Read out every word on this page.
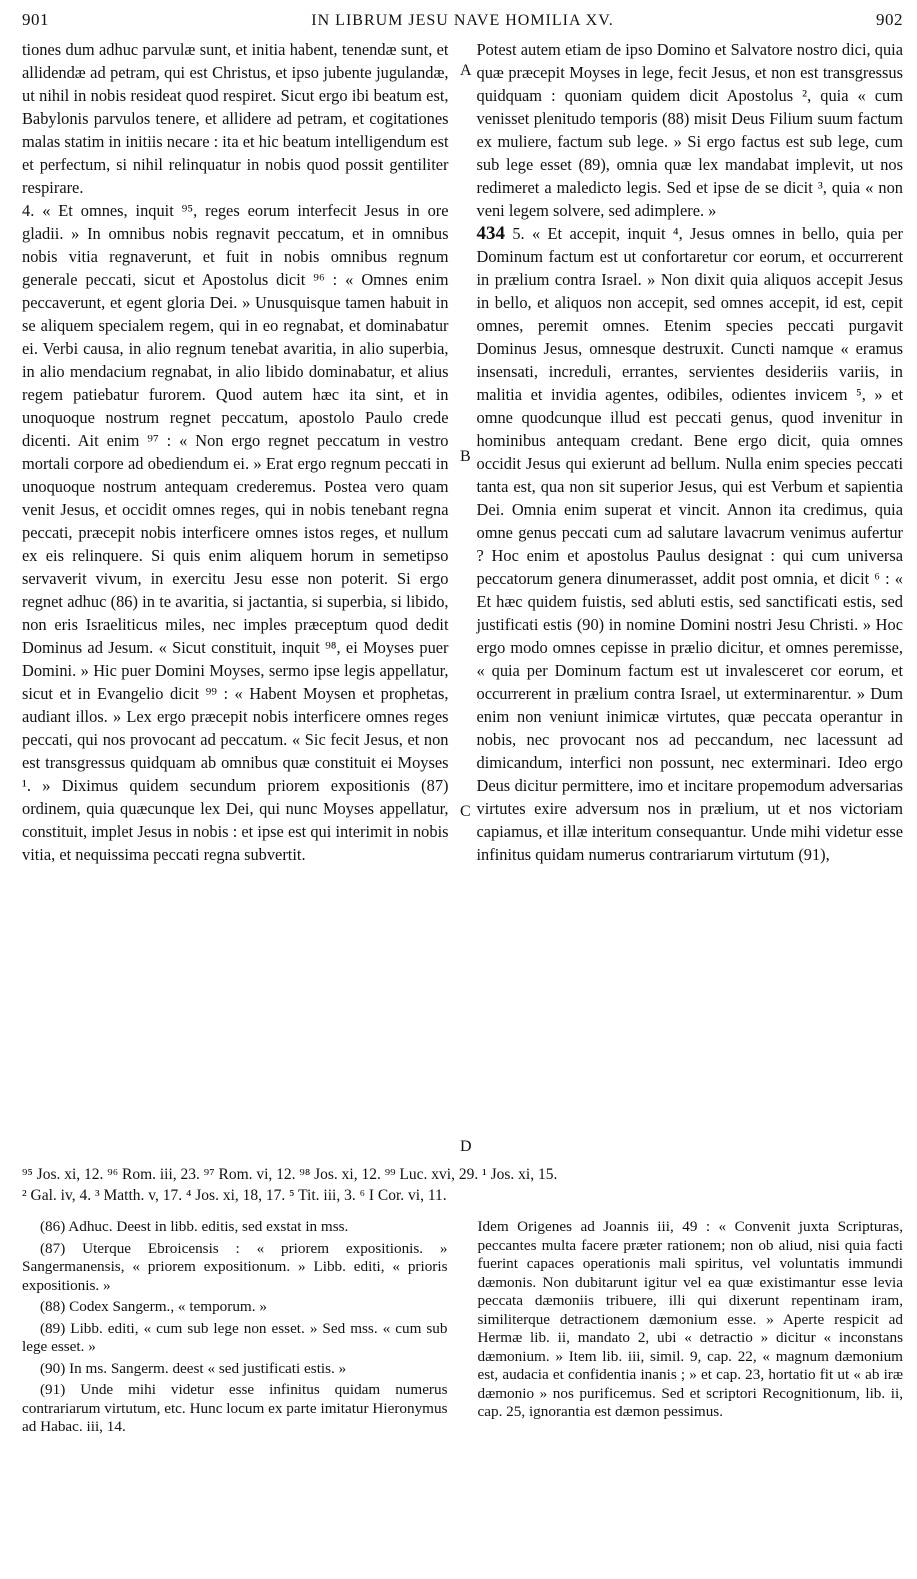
901	IN LIBRUM JESU NAVE HOMILIA XV.	902

tiones dum adhuc parvulæ sunt, et initia habent, tenendæ sunt, et allidendæ ad petram, qui est Christus, et ipso jubente jugulandæ, ut nihil in nobis resideat quod respiret. Sicut ergo ibi beatum est, Babylonis parvulos tenere, et allidere ad petram, et cogitationes malas statim in initiis necare : ita et hic beatum intelligendum est et perfectum, si nihil relinquatur in nobis quod possit gentiliter respirare.

4. « Et omnes, inquit ⁹⁵, reges eorum interfecit Jesus in ore gladii. » In omnibus nobis regnavit peccatum, et in omnibus nobis vitia regnaverunt, et fuit in nobis omnibus regnum generale peccati, sicut et Apostolus dicit ⁹⁶ : « Omnes enim peccaverunt, et egent gloria Dei. » Unusquisque tamen habuit in se aliquem specialem regem, qui in eo regnabat, et dominabatur ei. Verbi causa, in alio regnum tenebat avaritia, in alio superbia, in alio mendacium regnabat, in alio libido dominabatur, et alius regem patiebatur furorem. Quod autem hæc ita sint, et in unoquoque nostrum regnet peccatum, apostolo Paulo crede dicenti. Ait enim ⁹⁷ : « Non ergo regnet peccatum in vestro mortali corpore ad obediendum ei. » Erat ergo regnum peccati in unoquoque nostrum antequam crederemus. Postea vero quam venit Jesus, et occidit omnes reges, qui in nobis tenebant regna peccati, præcepit nobis interficere omnes istos reges, et nullum ex eis relinquere. Si quis enim aliquem horum in semetipso servaverit vivum, in exercitu Jesu esse non poterit. Si ergo regnet adhuc (86) in te avaritia, si jactantia, si superbia, si libido, non eris Israeliticus miles, nec imples præceptum quod dedit Dominus ad Jesum. « Sicut constituit, inquit ⁹⁸, ei Moyses puer Domini. » Hic puer Domini Moyses, sermo ipse legis appellatur, sicut et in Evangelio dicit ⁹⁹ : « Habent Moysen et prophetas, audiant illos. » Lex ergo præcepit nobis interficere omnes reges peccati, qui nos provocant ad peccatum. « Sic fecit Jesus, et non est transgressus quidquam ab omnibus quæ constituit ei Moyses ¹. » Diximus quidem secundum priorem expositionis (87) ordinem, quia quæcunque lex Dei, qui nunc Moyses appellatur, constituit, implet Jesus in nobis : et ipse est qui interimit in nobis vitia, et nequissima peccati regna subvertit.

Potest autem etiam de ipso Domino et Salvatore nostro dici, quia quæ præcepit Moyses in lege, fecit Jesus, et non est transgressus quidquam : quoniam quidem dicit Apostolus ², quia « cum venisset plenitudo temporis (88) misit Deus Filium suum factum ex muliere, factum sub lege. » Si ergo factus est sub lege, cum sub lege esset (89), omnia quæ lex mandabat implevit, ut nos redimeret a maledicto legis. Sed et ipse de se dicit ³, quia « non veni legem solvere, sed adimplere. »

434 5. « Et accepit, inquit ⁴, Jesus omnes in bello, quia per Dominum factum est ut confortaretur cor eorum, et occurrerent in prælium contra Israel. » Non dixit quia aliquos accepit Jesus in bello, et aliquos non accepit, sed omnes accepit, id est, cepit omnes, peremit omnes. Etenim species peccati purgavit Dominus Jesus, omnesque destruxit. Cuncti namque « eramus insensati, increduli, errantes, servientes desideriis variis, in malitia et invidia agentes, odibiles, odientes invicem ⁵, » et omne quodcunque illud est peccati genus, quod invenitur in hominibus antequam credant. Bene ergo dicit, quia omnes occidit Jesus qui exierunt ad bellum. Nulla enim species peccati tanta est, qua non sit superior Jesus, qui est Verbum et sapientia Dei. Omnia enim superat et vincit. Annon ita credimus, quia omne genus peccati cum ad salutare lavacrum venimus aufertur ? Hoc enim et apostolus Paulus designat : qui cum universa peccatorum genera dinumerasset, addit post omnia, et dicit ⁶ : « Et hæc quidem fuistis, sed abluti estis, sed sanctificati estis, sed justificati estis (90) in nomine Domini nostri Jesu Christi. » Hoc ergo modo omnes cepisse in prælio dicitur, et omnes peremisse, « quia per Dominum factum est ut invalesceret cor eorum, et occurrerent in prælium contra Israel, ut exterminarentur. » Dum enim non veniunt inimicæ virtutes, quæ peccata operantur in nobis, nec provocant nos ad peccandum, nec lacessunt ad dimicandum, interfici non possunt, nec exterminari. Ideo ergo Deus dicitur permittere, imo et incitare propemodum adversarias virtutes exire adversum nos in prælium, ut et nos victoriam capiamus, et illæ interitum consequantur. Unde mihi videtur esse infinitus quidam numerus contrariarum virtutum (91),

A
B
C
D
⁹⁵ Jos. xi, 12. ⁹⁶ Rom. iii, 23. ⁹⁷ Rom. vi, 12. ⁹⁸ Jos. xi, 12. ⁹⁹ Luc. xvi, 29. ¹ Jos. xi, 15.
² Gal. iv, 4. ³ Matth. v, 17. ⁴ Jos. xi, 18, 17. ⁵ Tit. iii, 3. ⁶ I Cor. vi, 11.

(86) Adhuc. Deest in libb. editis, sed exstat in mss.

(87) Uterque Ebroicensis : « priorem expositionis. » Sangermanensis, « priorem expositionum. » Libb. editi, « prioris expositionis. »

(88) Codex Sangerm., « temporum. »

(89) Libb. editi, « cum sub lege non esset. » Sed mss. « cum sub lege esset. »

(90) In ms. Sangerm. deest « sed justificati estis. »

(91) Unde mihi videtur esse infinitus quidam numerus contrariarum virtutum, etc. Hunc locum ex parte imitatur Hieronymus ad Habac. iii, 14.

Idem Origenes ad Joannis iii, 49 : « Convenit juxta Scripturas, peccantes multa facere præter rationem; non ob aliud, nisi quia facti fuerint capaces operationis mali spiritus, vel voluntatis immundi dæmonis. Non dubitarunt igitur vel ea quæ existimantur esse levia peccata dæmoniis tribuere, illi qui dixerunt repentinam iram, similiterque detractionem dæmonium esse. » Aperte respicit ad Hermæ lib. ii, mandato 2, ubi « detractio » dicitur « inconstans dæmonium. » Item lib. iii, simil. 9, cap. 22, « magnum dæmonium est, audacia et confidentia inanis ; » et cap. 23, hortatio fit ut « ab iræ dæmonio » nos purificemus. Sed et scriptori Recognitionum, lib. ii, cap. 25, ignorantia est dæmon pessimus.
